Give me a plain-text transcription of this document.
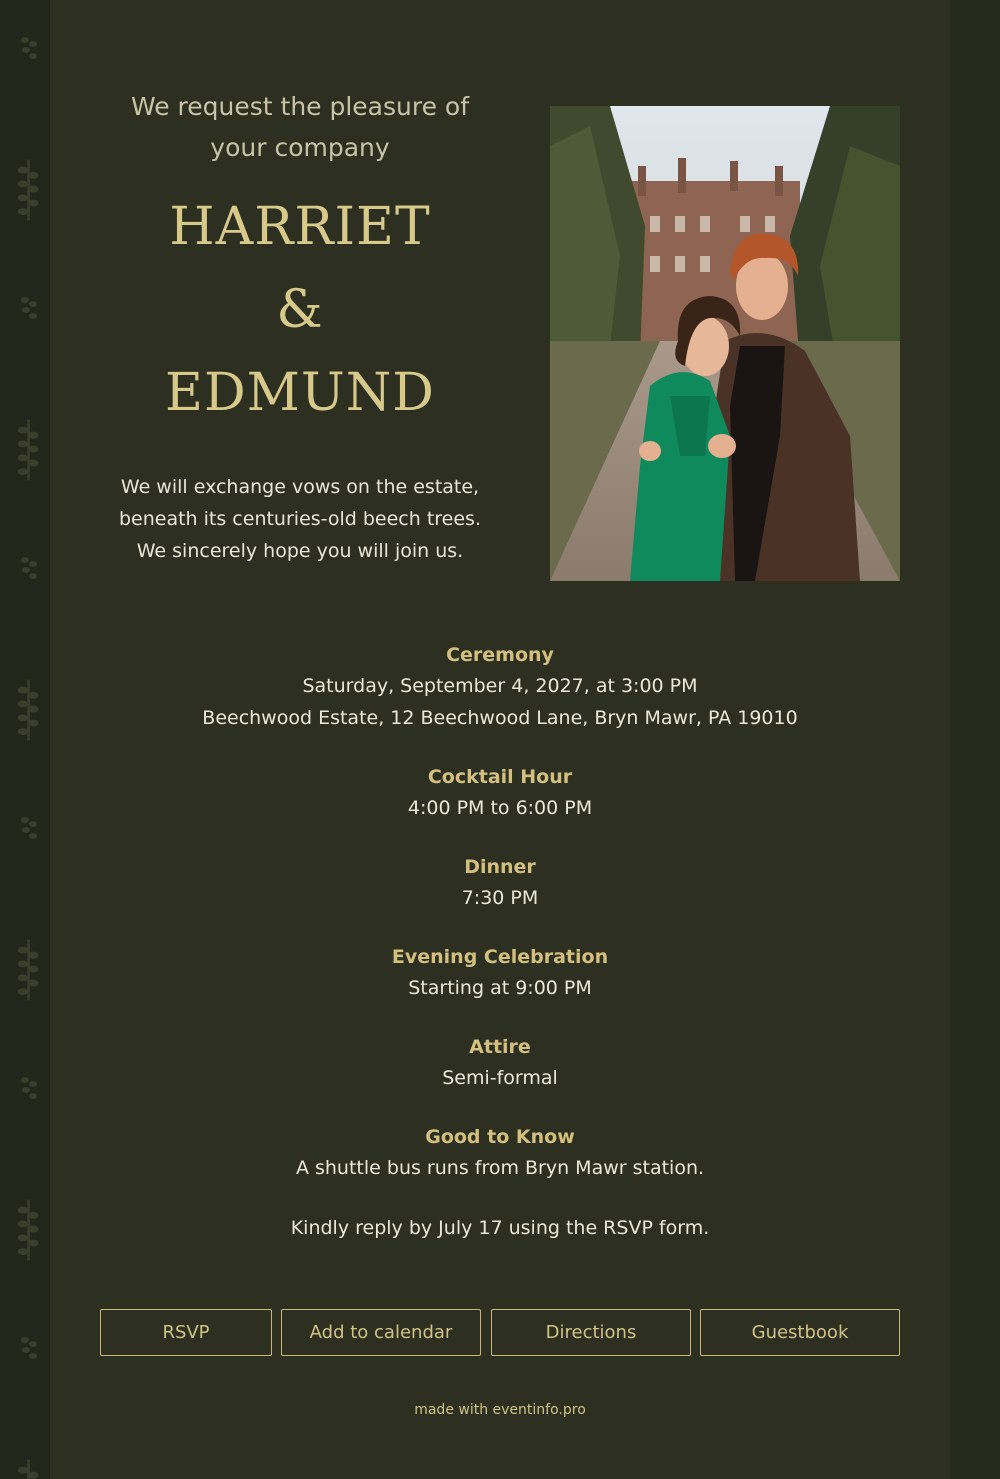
We request the pleasure of

your company

HARRIET

&

EDMUND

We will exchange vows on the estate,
beneath its centuries-old beech trees.
We sincerely hope you will join us.
Ceremony

Saturday, September 4, 2027, at 3:00 PM

Beechwood Estate, 12 Beechwood Lane, Bryn Mawr, PA 19010

Cocktail Hour

4:00 PM to 6:00 PM

Dinner

7:30 PM

Evening Celebration

Starting at 9:00 PM

Attire

Semi-formal

Good to Know

A shuttle bus runs from Bryn Mawr station.

Kindly reply by July 17 using the RSVP form.

RSVP	Add to calendar	Directions	Guestbook
made with eventinfo.pro
